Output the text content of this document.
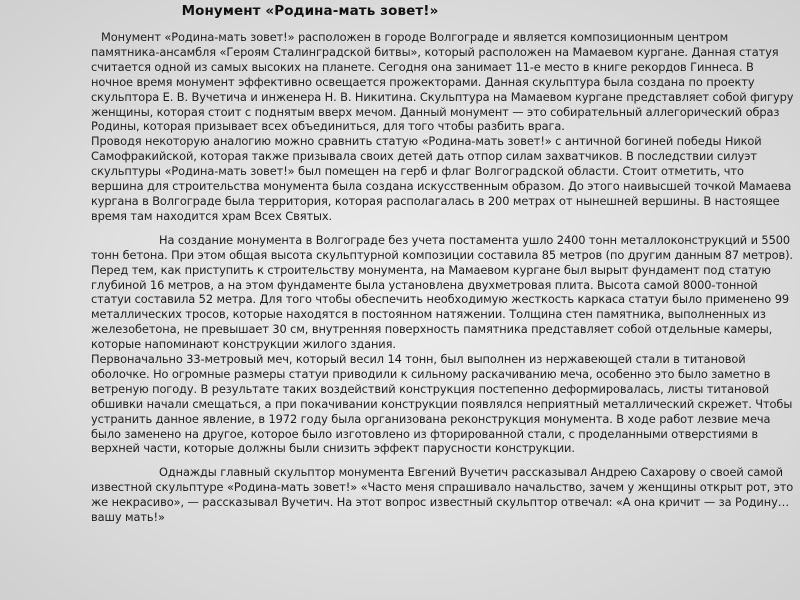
Монумент «Родина-мать зовет!»

Монумент «Родина-мать зовет!» расположен в городе Волгограде и является композиционным центром памятника-ансамбля «Героям Сталинградской битвы», который расположен на Мамаевом кургане. Данная статуя считается одной из самых высоких на планете. Сегодня она занимает 11-е место в книге рекордов Гиннеса. В ночное время монумент эффективно освещается прожекторами. Данная скульптура была создана по проекту скульптора Е. В. Вучетича и инженера Н. В. Никитина. Скульптура на Мамаевом кургане представляет собой фигуру женщины, которая стоит с поднятым вверх мечом. Данный монумент — это собирательный аллегорический образ Родины, которая призывает всех объединиться, для того чтобы разбить врага.

Проводя некоторую аналогию можно сравнить статую «Родина-мать зовет!» с античной богиней победы Никой Самофракийской, которая также призывала своих детей дать отпор силам захватчиков. В последствии силуэт скульптуры «Родина-мать зовет!» был помещен на герб и флаг Волгоградской области. Стоит отметить, что вершина для строительства монумента была создана искусственным образом. До этого наивысшей точкой Мамаева кургана в Волгограде была территория, которая располагалась в 200 метрах от нынешней вершины. В настоящее время там находится храм Всех Святых.

На создание монумента в Волгограде без учета постамента ушло 2400 тонн металлоконструкций и 5500 тонн бетона. При этом общая высота скульптурной композиции составила 85 метров (по другим данным 87 метров). Перед тем, как приступить к строительству монумента, на Мамаевом кургане был вырыт фундамент под статую глубиной 16 метров, а на этом фундаменте была установлена двухметровая плита. Высота самой 8000-тонной статуи составила 52 метра. Для того чтобы обеспечить необходимую жесткость каркаса статуи было применено 99 металлических тросов, которые находятся в постоянном натяжении. Толщина стен памятника, выполненных из железобетона, не превышает 30 см, внутренняя поверхность памятника представляет собой отдельные камеры, которые напоминают конструкции жилого здания.

Первоначально 33-метровый меч, который весил 14 тонн, был выполнен из нержавеющей стали в титановой оболочке. Но огромные размеры статуи приводили к сильному раскачиванию меча, особенно это было заметно в ветреную погоду. В результате таких воздействий конструкция постепенно деформировалась, листы титановой обшивки начали смещаться, а при покачивании конструкции появлялся неприятный металлический скрежет. Чтобы устранить данное явление, в 1972 году была организована реконструкция монумента. В ходе работ лезвие меча было заменено на другое, которое было изготовлено из фторированной стали, с проделанными отверстиями в верхней части, которые должны были снизить эффект парусности конструкции.

Однажды главный скульптор монумента Евгений Вучетич рассказывал Андрею Сахарову о своей самой известной скульптуре «Родина-мать зовет!» «Часто меня спрашивало начальство, зачем у женщины открыт рот, это же некрасиво», — рассказывал Вучетич. На этот вопрос известный скульптор отвечал: «А она кричит — за Родину… вашу мать!»
